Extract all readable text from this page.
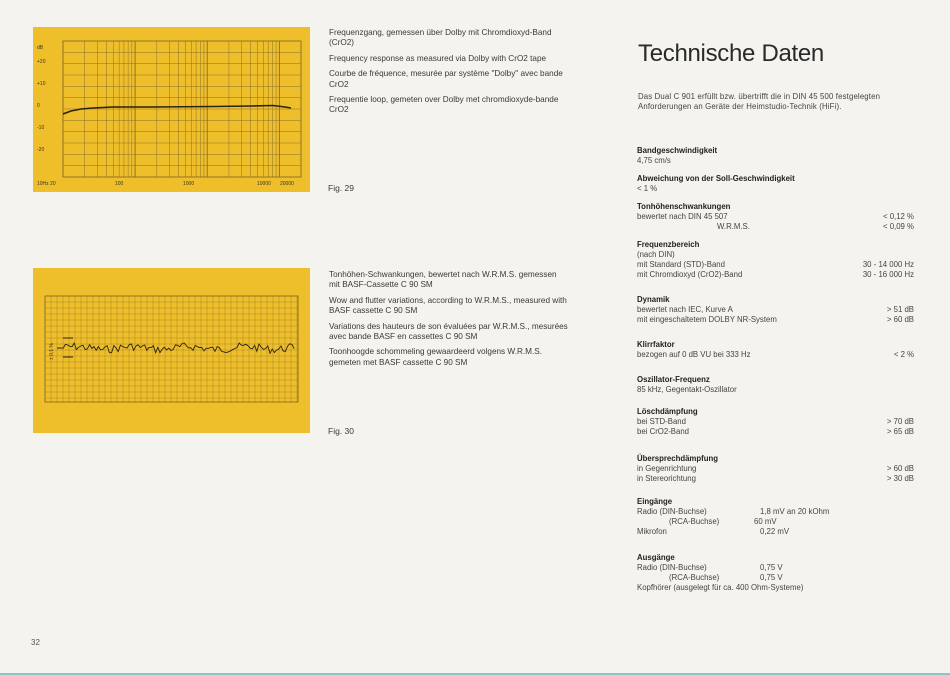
dB
+20
+10
0
-10
-20
10Hz 20	100	1000	10000 20000

Frequenzgang, gemessen über Dolby mit Chromdioxyd-Band (CrO2)

Frequency response as measured via Dolby with CrO2 tape

Courbe de fréquence, mesurée par système "Dolby" avec bande CrO2

Frequentie loop, gemeten over Dolby met chromdioxyde-bande CrO2

Fig. 29
± 0,1 %

Tonhöhen-Schwankungen, bewertet nach W.R.M.S. gemessen mit BASF-Cassette C 90 SM

Wow and flutter variations, according to W.R.M.S., measured with BASF cassette C 90 SM

Variations des hauteurs de son évaluées par W.R.M.S., mesurées avec bande BASF en cassettes C 90 SM

Toonhoogde schommeling gewaardeerd volgens W.R.M.S. gemeten met BASF cassette C 90 SM

Fig. 30
Technische Daten
Das Dual C 901 erfüllt bzw. übertrifft die in DIN 45 500 festgelegten Anforderungen an Geräte der Heimstudio-Technik (HiFi).
Bandgeschwindigkeit
4,75 cm/s
Abweichung von der Soll-Geschwindigkeit
< 1 %
Tonhöhenschwankungen
bewertet nach DIN 45 507	< 0,12 %
W.R.M.S.	< 0,09 %
Frequenzbereich
(nach DIN)
mit Standard (STD)-Band	30 - 14 000 Hz
mit Chromdioxyd (CrO2)-Band	30 - 16 000 Hz
Dynamik
bewertet nach IEC, Kurve A	> 51 dB
mit eingeschaltetem DOLBY NR-System	> 60 dB
Klirrfaktor
bezogen auf 0 dB VU bei 333 Hz	< 2 %
Oszillator-Frequenz
85 kHz, Gegentakt-Oszillator
Löschdämpfung
bei STD-Band	> 70 dB
bei CrO2-Band	> 65 dB
Übersprechdämpfung
in Gegenrichtung	> 60 dB
in Stereorichtung	> 30 dB
Eingänge
Radio (DIN-Buchse)	1,8 mV an 20 kOhm
(RCA-Buchse)	60 mV
Mikrofon	0,22 mV
Ausgänge
Radio (DIN-Buchse)	0,75 V
(RCA-Buchse)	0,75 V
Kopfhörer (ausgelegt für ca. 400 Ohm-Systeme)
32
